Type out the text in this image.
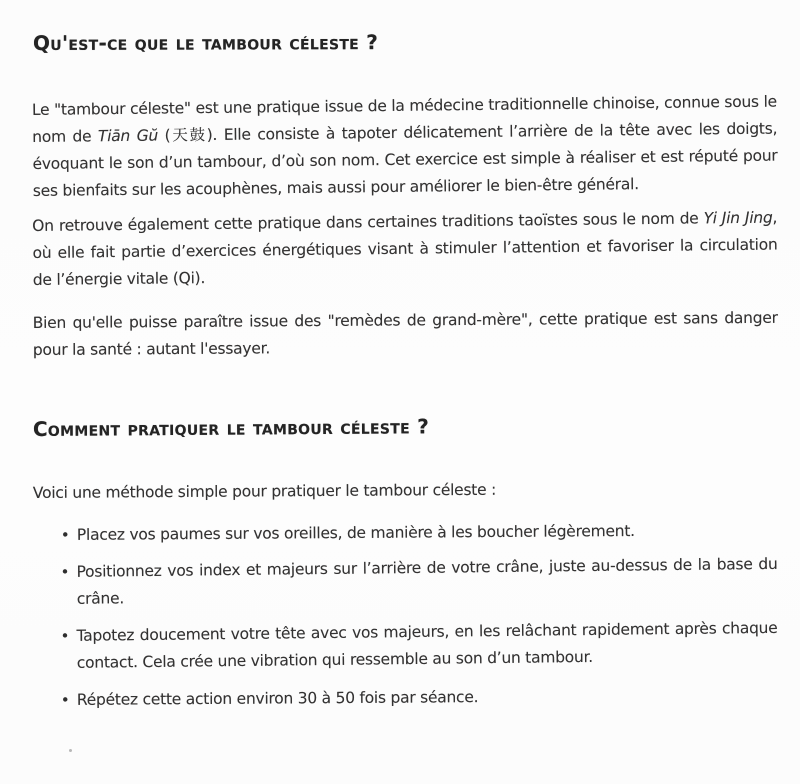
Qu'est-ce que le tambour céleste ?

Le "tambour céleste" est une pratique issue de la médecine traditionnelle chinoise, connue sous le nom de Tiān Gŭ (天鼓). Elle consiste à tapoter délicatement l’arrière de la tête avec les doigts, évoquant le son d’un tambour, d’où son nom. Cet exercice est simple à réaliser et est réputé pour ses bienfaits sur les acouphènes, mais aussi pour améliorer le bien-être général.

On retrouve également cette pratique dans certaines traditions taoïstes sous le nom de Yi Jin Jing, où elle fait partie d’exercices énergétiques visant à stimuler l’attention et favoriser la circulation de l’énergie vitale (Qi).

Bien qu'elle puisse paraître issue des "remèdes de grand-mère", cette pratique est sans danger pour la santé : autant l'essayer.

Comment pratiquer le tambour céleste ?

Voici une méthode simple pour pratiquer le tambour céleste :

• Placez vos paumes sur vos oreilles, de manière à les boucher légèrement.
• Positionnez vos index et majeurs sur l’arrière de votre crâne, juste au-dessus de la base du crâne.
• Tapotez doucement votre tête avec vos majeurs, en les relâchant rapidement après chaque contact. Cela crée une vibration qui ressemble au son d’un tambour.
• Répétez cette action environ 30 à 50 fois par séance.
